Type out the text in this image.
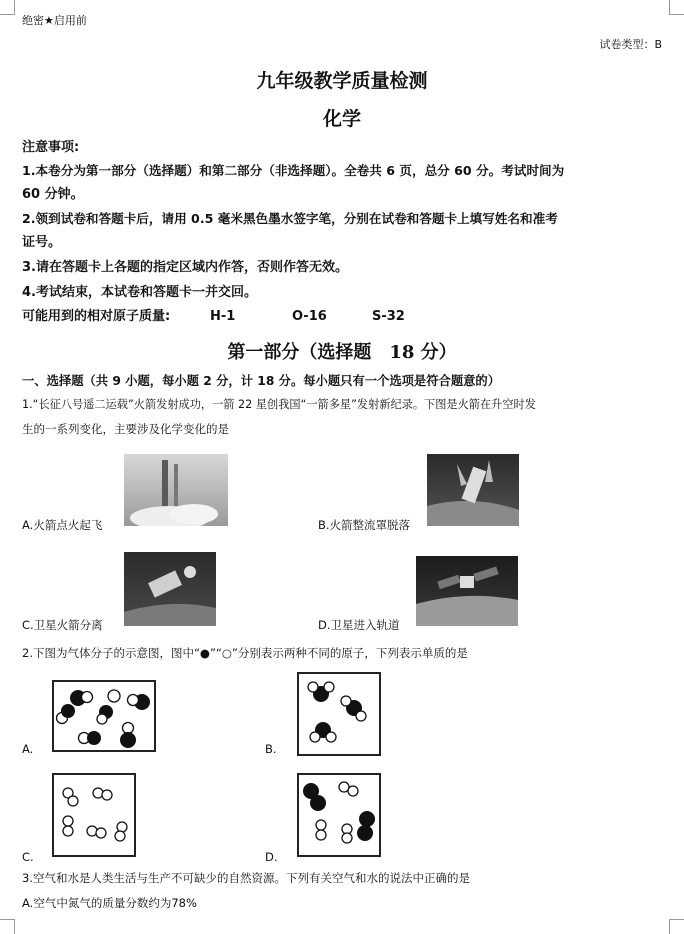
绝密★启用前
试卷类型：B
九年级教学质量检测
化学
注意事项:
1.本卷分为第一部分（选择题）和第二部分（非选择题）。全卷共 6 页，总分 60 分。考试时间为
60 分钟。
2.领到试卷和答题卡后，请用 0.5 毫米黑色墨水签字笔，分别在试卷和答题卡上填写姓名和准考
证号。
3.请在答题卡上各题的指定区域内作答，否则作答无效。
4.考试结束，本试卷和答题卡一并交回。
可能用到的相对原子质量:	H-1	O-16	S-32
第一部分（选择题　18 分）
一、选择题（共 9 小题，每小题 2 分，计 18 分。每小题只有一个选项是符合题意的）
1.“长征八号遥二运载”火箭发射成功，一箭 22 星创我国“一箭多星”发射新纪录。下图是火箭在升空时发
生的一系列变化，主要涉及化学变化的是
A.火箭点火起飞	B.火箭整流罩脱落
C.卫星火箭分离	D.卫星进入轨道
2.下图为气体分子的示意图，图中“●”“○”分别表示两种不同的原子，下列表示单质的是
A.	B.
C.	D.
3.空气和水是人类生活与生产不可缺少的自然资源。下列有关空气和水的说法中正确的是
A.空气中氮气的质量分数约为78%
